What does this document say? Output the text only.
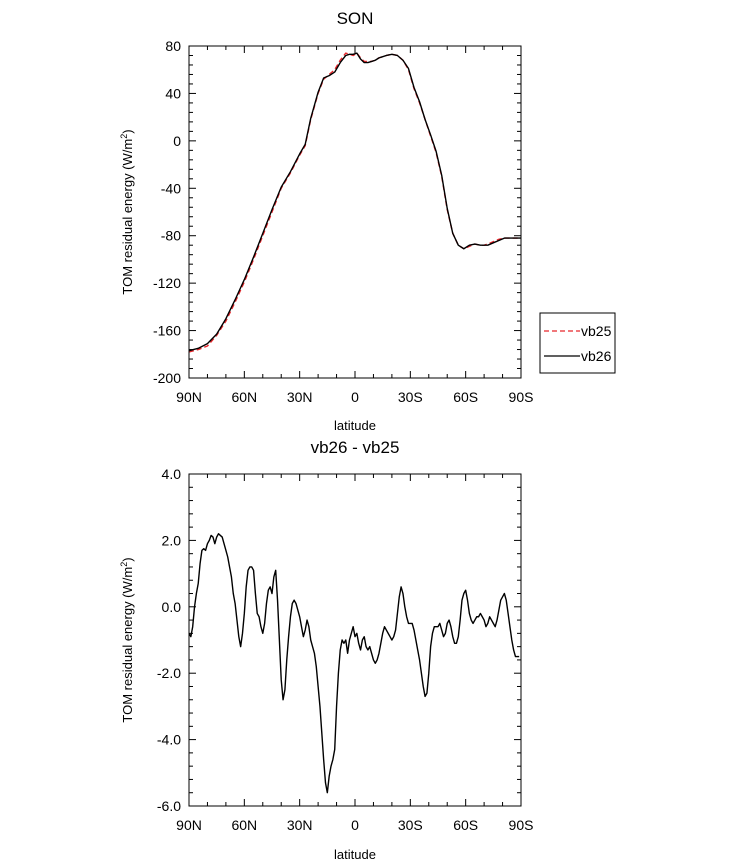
SON
90N 60N 30N	0	30S 60S 90S
80
40
0
-40
-80
-120
-160
-200
latitude
TOM residual energy $(W/m^2)$
vb25
vb26
vb26 - vb25
90N 60N 30N	0	30S 60S 90S
4.0
2.0
0.0
-2.0
-4.0
-6.0
latitude
TOM residual energy $(W/m^2)$
